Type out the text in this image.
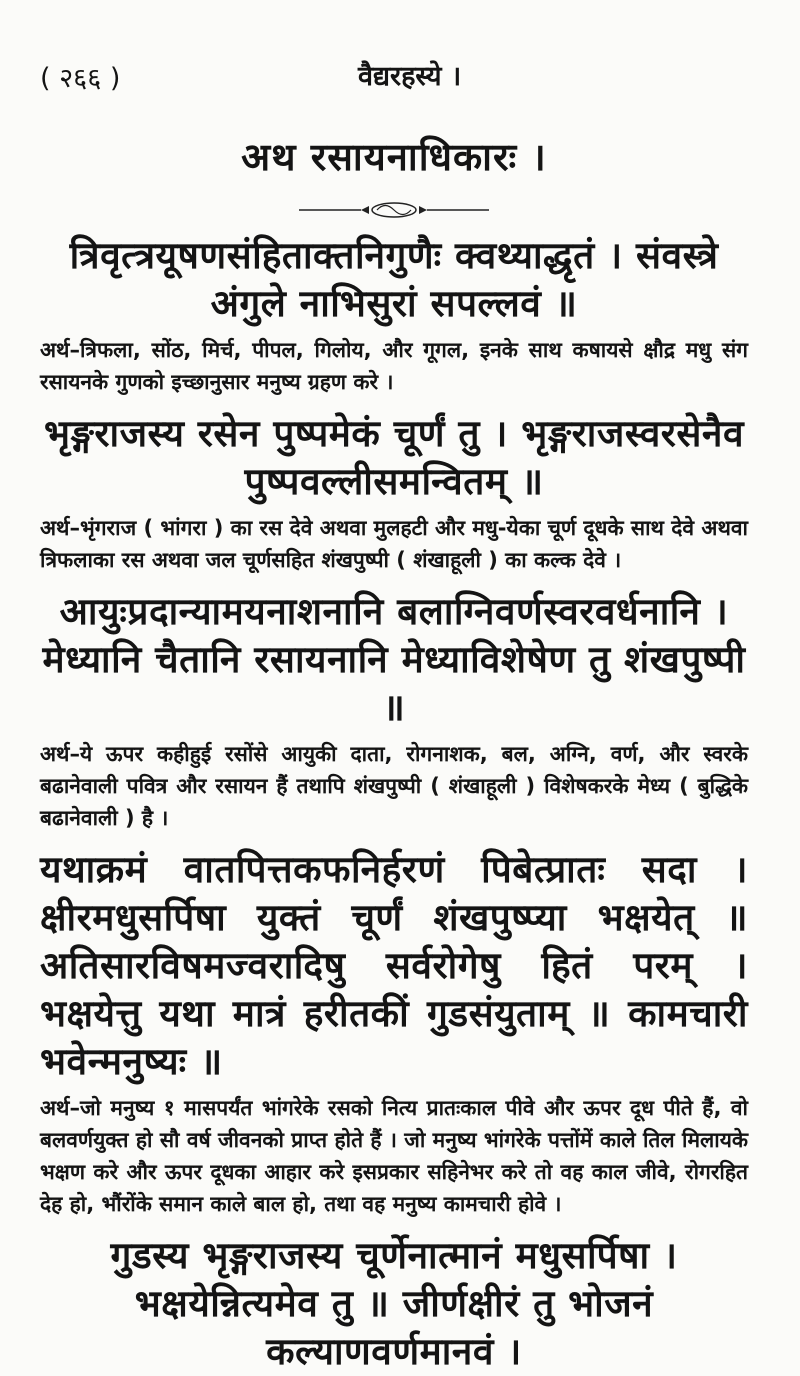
( २६६ )	वैद्यरहस्ये ।
अथ रसायनाधिकारः ।
त्रिवृत्त्रयूषणसंहिताक्तनिगुणैः क्वथ्याद्धृतं । संवस्त्रे अंगुले नाभिसुरां सपल्लवं ॥

अर्थ–त्रिफला, सोंठ, मिर्च, पीपल, गिलोय, और गूगल, इनके साथ कषायसे क्षौद्र मधु संग रसायनके गुणको इच्छानुसार मनुष्य ग्रहण करे ।

भृङ्गराजस्य रसेन पुष्पमेकं चूर्णं तु । भृङ्गराजस्वरसेनैव पुष्पवल्लीसमन्वितम् ॥

अर्थ–भृंगराज ( भांगरा ) का रस देवे अथवा मुलहटी और मधु-येका चूर्ण दूधके साथ देवे अथवा त्रिफलाका रस अथवा जल चूर्णसहित शंखपुष्पी ( शंखाहूली ) का कल्क देवे ।

आयुःप्रदान्यामयनाशनानि बलाग्निवर्णस्वरवर्धनानि । मेध्यानि चैतानि रसायनानि मेध्याविशेषेण तु शंखपुष्पी ॥

अर्थ–ये ऊपर कहीहुई रसोंसे आयुकी दाता, रोगनाशक, बल, अग्नि, वर्ण, और स्वरके बढानेवाली पवित्र और रसायन हैं तथापि शंखपुष्पी ( शंखाहूली ) विशेषकरके मेध्य ( बुद्धिके बढानेवाली ) है ।

यथाक्रमं वातपित्तकफनिर्हरणं पिबेत्प्रातः सदा । क्षीरमधुसर्पिषा युक्तं चूर्णं शंखपुष्प्या भक्षयेत् ॥ अतिसारविषमज्वरादिषु सर्वरोगेषु हितं परम् । भक्षयेत्तु यथा मात्रं हरीतकीं गुडसंयुताम् ॥ कामचारी भवेन्मनुष्यः ॥

अर्थ–जो मनुष्य १ मासपर्यंत भांगरेके रसको नित्य प्रातःकाल पीवे और ऊपर दूध पीते हैं, वो बलवर्णयुक्त हो सौ वर्ष जीवनको प्राप्त होते हैं । जो मनुष्य भांगरेके पत्तोंमें काले तिल मिलायके भक्षण करे और ऊपर दूधका आहार करे इसप्रकार सहिनेभर करे तो वह काल जीवे, रोगरहित देह हो, भौंरोंके समान काले बाल हो, तथा वह मनुष्य कामचारी होवे ।

गुडस्य भृङ्गराजस्य चूर्णेनात्मानं मधुसर्पिषा । भक्षयेन्नित्यमेव तु ॥ जीर्णक्षीरं तु भोजनं कल्याणवर्णमानवं ।
